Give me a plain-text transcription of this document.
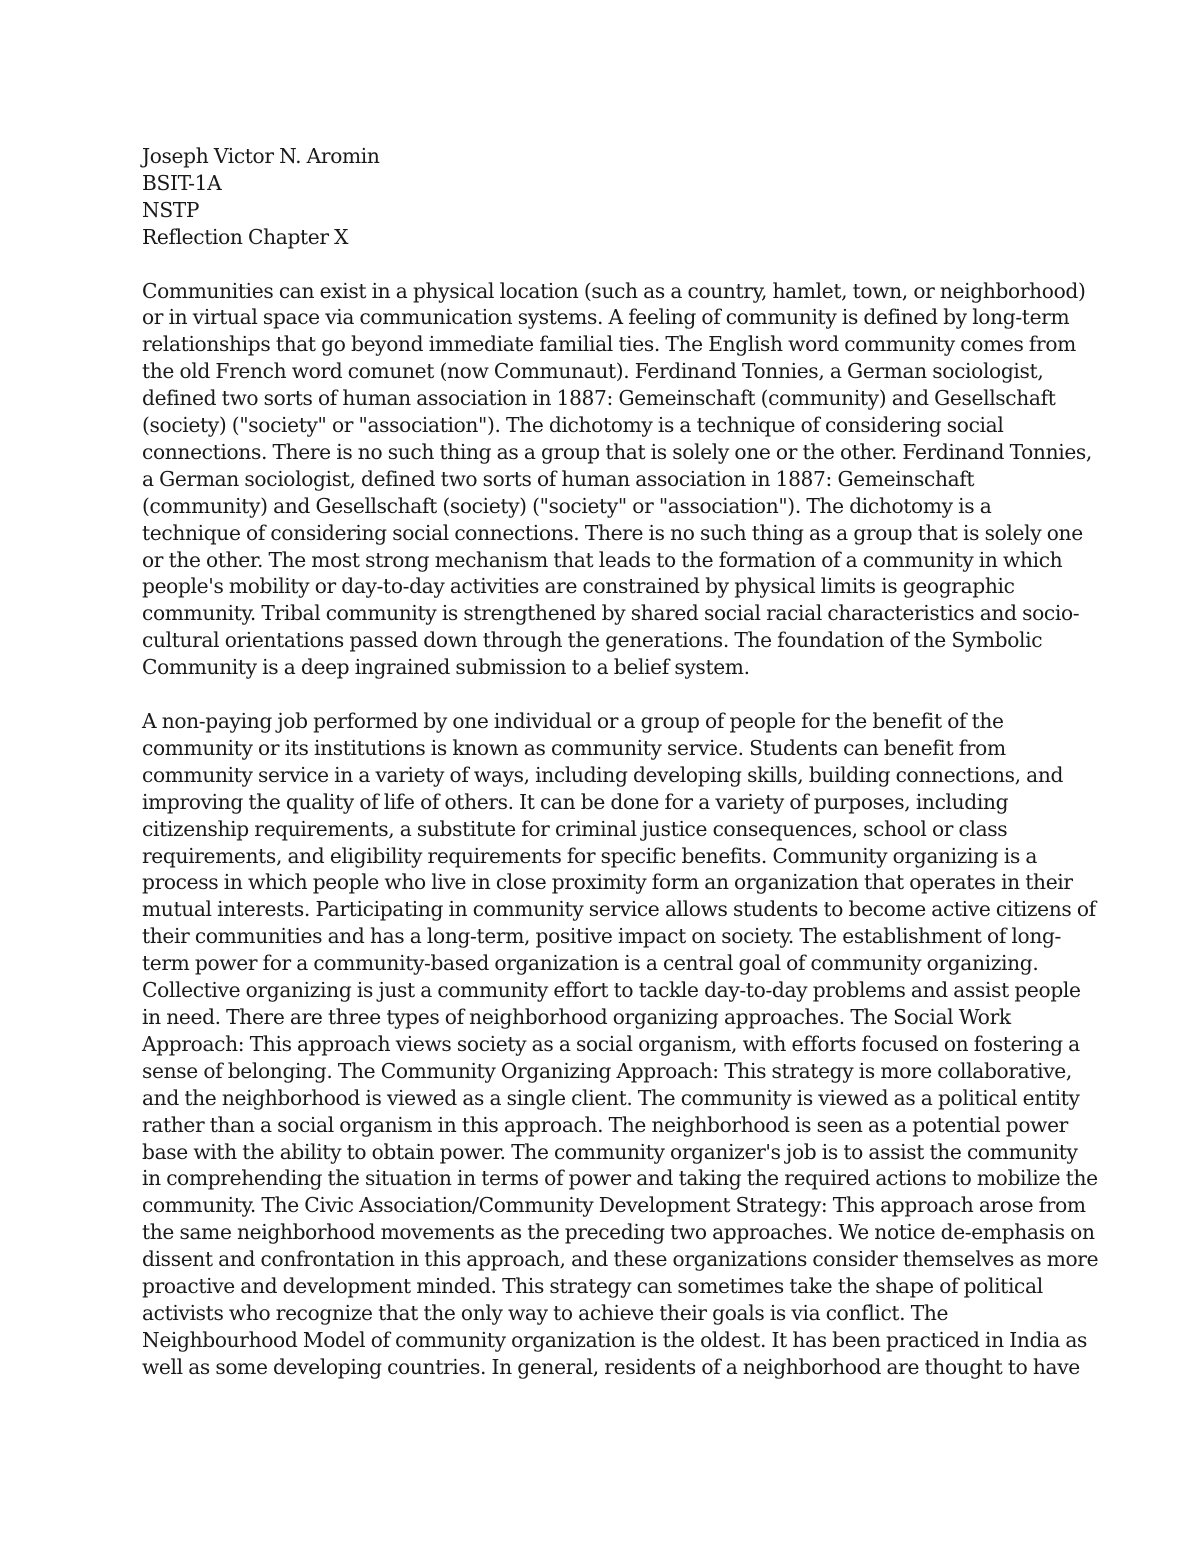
Joseph Victor N. Aromin
BSIT-1A
NSTP
Reflection Chapter X
Communities can exist in a physical location (such as a country, hamlet, town, or neighborhood)
or in virtual space via communication systems. A feeling of community is defined by long-term
relationships that go beyond immediate familial ties. The English word community comes from
the old French word comunet (now Communaut). Ferdinand Tonnies, a German sociologist,
defined two sorts of human association in 1887: Gemeinschaft (community) and Gesellschaft
(society) ("society" or "association"). The dichotomy is a technique of considering social
connections. There is no such thing as a group that is solely one or the other. Ferdinand Tonnies,
a German sociologist, defined two sorts of human association in 1887: Gemeinschaft
(community) and Gesellschaft (society) ("society" or "association"). The dichotomy is a
technique of considering social connections. There is no such thing as a group that is solely one
or the other. The most strong mechanism that leads to the formation of a community in which
people's mobility or day-to-day activities are constrained by physical limits is geographic
community. Tribal community is strengthened by shared social racial characteristics and socio-
cultural orientations passed down through the generations. The foundation of the Symbolic
Community is a deep ingrained submission to a belief system.
A non-paying job performed by one individual or a group of people for the benefit of the
community or its institutions is known as community service. Students can benefit from
community service in a variety of ways, including developing skills, building connections, and
improving the quality of life of others. It can be done for a variety of purposes, including
citizenship requirements, a substitute for criminal justice consequences, school or class
requirements, and eligibility requirements for specific benefits. Community organizing is a
process in which people who live in close proximity form an organization that operates in their
mutual interests. Participating in community service allows students to become active citizens of
their communities and has a long-term, positive impact on society. The establishment of long-
term power for a community-based organization is a central goal of community organizing.
Collective organizing is just a community effort to tackle day-to-day problems and assist people
in need. There are three types of neighborhood organizing approaches. The Social Work
Approach: This approach views society as a social organism, with efforts focused on fostering a
sense of belonging. The Community Organizing Approach: This strategy is more collaborative,
and the neighborhood is viewed as a single client. The community is viewed as a political entity
rather than a social organism in this approach. The neighborhood is seen as a potential power
base with the ability to obtain power. The community organizer's job is to assist the community
in comprehending the situation in terms of power and taking the required actions to mobilize the
community. The Civic Association/Community Development Strategy: This approach arose from
the same neighborhood movements as the preceding two approaches. We notice de-emphasis on
dissent and confrontation in this approach, and these organizations consider themselves as more
proactive and development minded. This strategy can sometimes take the shape of political
activists who recognize that the only way to achieve their goals is via conflict. The
Neighbourhood Model of community organization is the oldest. It has been practiced in India as
well as some developing countries. In general, residents of a neighborhood are thought to have
